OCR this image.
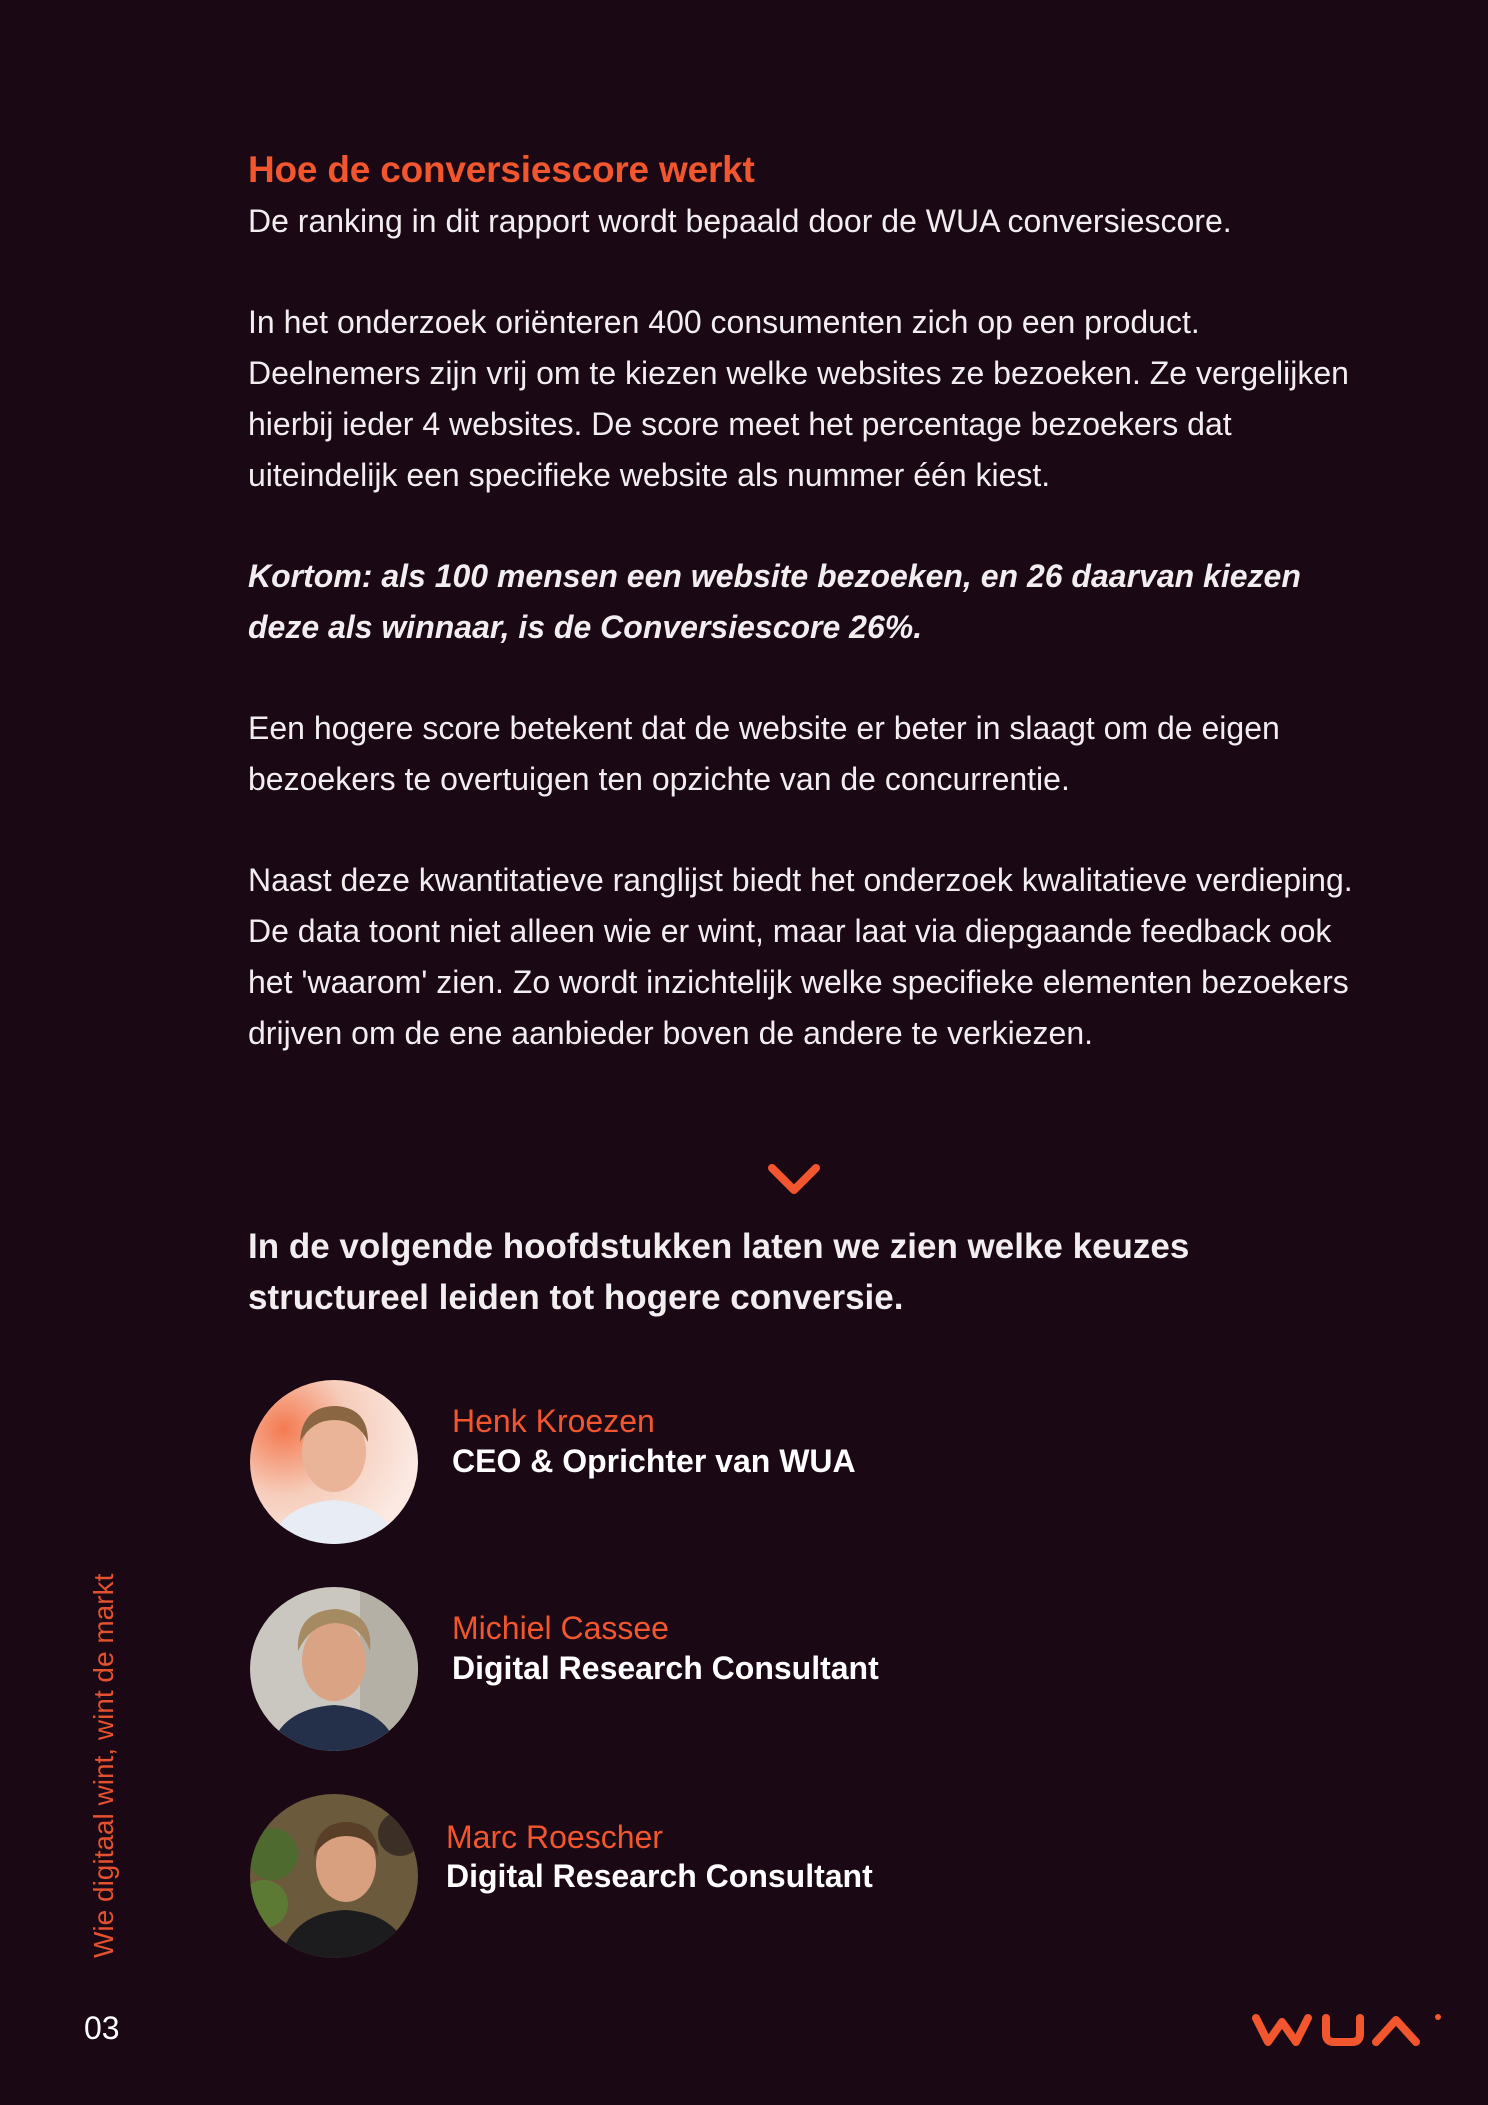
Hoe de conversiescore werkt

De ranking in dit rapport wordt bepaald door de WUA conversiescore.

In het onderzoek oriënteren 400 consumenten zich op een product. Deelnemers zijn vrij om te kiezen welke websites ze bezoeken. Ze vergelijken hierbij ieder 4 websites. De score meet het percentage bezoekers dat uiteindelijk een specifieke website als nummer één kiest.

Kortom: als 100 mensen een website bezoeken, en 26 daarvan kiezen deze als winnaar, is de Conversiescore 26%.

Een hogere score betekent dat de website er beter in slaagt om de eigen bezoekers te overtuigen ten opzichte van de concurrentie.

Naast deze kwantitatieve ranglijst biedt het onderzoek kwalitatieve verdieping. De data toont niet alleen wie er wint, maar laat via diepgaande feedback ook het 'waarom' zien. Zo wordt inzichtelijk welke specifieke elementen bezoekers drijven om de ene aanbieder boven de andere te verkiezen.

In de volgende hoofdstukken laten we zien welke keuzes structureel leiden tot hogere conversie.

Henk Kroezen
CEO & Oprichter van WUA
Michiel Cassee
Digital Research Consultant
Marc Roescher
Digital Research Consultant
Wie digitaal wint, wint de markt
03
